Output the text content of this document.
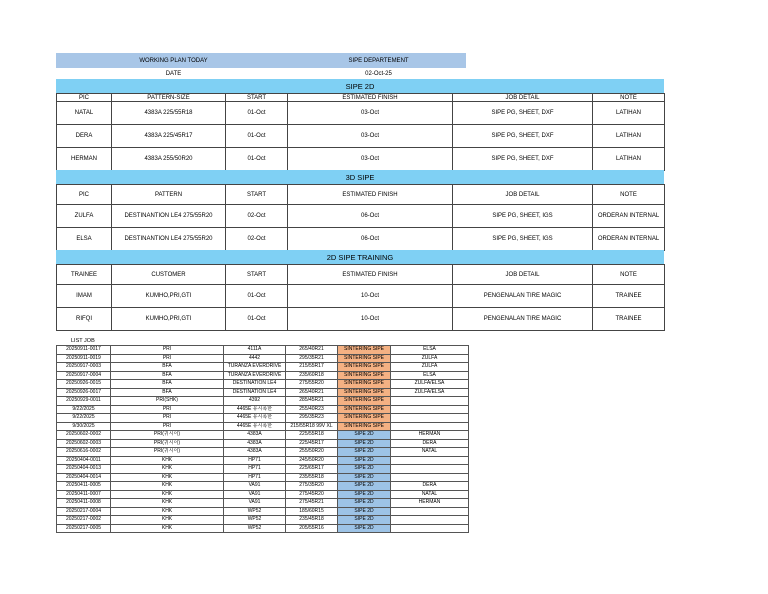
WORKING PLAN TODAY	SIPE DEPARTEMENT
DATE	02-Oct-25
SIPE 2D
PIC	PATTERN-SIZE	START	ESTIMATED FINISH	JOB DETAIL	NOTE
NATAL	4383A 225/55R18	01-Oct	03-Oct	SIPE PG, SHEET, DXF	LATIHAN
DERA	4383A 225/45R17	01-Oct	03-Oct	SIPE PG, SHEET, DXF	LATIHAN
HERMAN	4383A 255/50R20	01-Oct	03-Oct	SIPE PG, SHEET, DXF	LATIHAN
3D SIPE
PIC	PATTERN	START	ESTIMATED FINISH	JOB DETAIL	NOTE
ZULFA	DESTINANTION LE4 275/55R20	02-Oct	06-Oct	SIPE PG, SHEET, IGS	ORDERAN INTERNAL
ELSA	DESTINANTION LE4 275/55R20	02-Oct	06-Oct	SIPE PG, SHEET, IGS	ORDERAN INTERNAL
2D SIPE TRAINING
TRAINEE	CUSTOMER	START	ESTIMATED FINISH	JOB DETAIL	NOTE
IMAM	KUMHO,PRI,GTI	01-Oct	10-Oct	PENGENALAN TIRE MAGIC	TRAINEE
RIFQI	KUMHO,PRI,GTI	01-Oct	10-Oct	PENGENALAN TIRE MAGIC	TRAINEE
LIST JOB
20250911-0017	PRI	4111A	265/40R21	SINTERING SIPE	ELSA
20250911-0019	PRI	4442	295/35R21	SINTERING SIPE	ZULFA
20250917-0003	BFA	TURANZA EVERDRIVE	215/55R17	SINTERING SIPE	ZULFA
20250917-0004	BFA	TURANZA EVERDRIVE	235/60R18	SINTERING SIPE	ELSA
20250926-0015	BFA	DESTINATION LE4	275/55R20	SINTERING SIPE	ZULFA/ELSA
20250926-0017	BFA	DESTINATION LE4	265/40R21	SINTERING SIPE	ZULFA/ELSA
20250929-0011	PRI(SHK)	4392	285/45R21	SINTERING SIPE	
9/22/2025	PRI	4465E 유시폭한	255/40R23	SINTERING SIPE	
9/22/2025	PRI	4465E 유시폭한	295/35R23	SINTERING SIPE	
9/30/2025	PRI	4465E 유시폭한	215/55R18 99V XL	SINTERING SIPE	
20250602-0002	PRI(귀시이)	4383A	225/55R18	SIPE 2D	HERMAN
20250602-0003	PRI(귀시이)	4383A	225/45R17	SIPE 2D	DERA
20250616-0002	PRI(귀시이)	4383A	255/50R20	SIPE 2D	NATAL
20250404-0011	KHK	HP71	245/50R20	SIPE 2D	
20250404-0013	KHK	HP71	225/65R17	SIPE 2D	
20250404-0014	KHK	HP71	235/55R18	SIPE 2D	
20250411-0005	KHK	VA91	275/35R20	SIPE 2D	DERA
20250411-0007	KHK	VA91	275/45R20	SIPE 2D	NATAL
20250411-0008	KHK	VA91	275/45R21	SIPE 2D	HERMAN
20250217-0004	KHK	WP52	185/60R15	SIPE 2D	
20250217-0002	KHK	WP52	235/45R18	SIPE 2D	
20250217-0005	KHK	WP52	205/55R16	SIPE 2D	
